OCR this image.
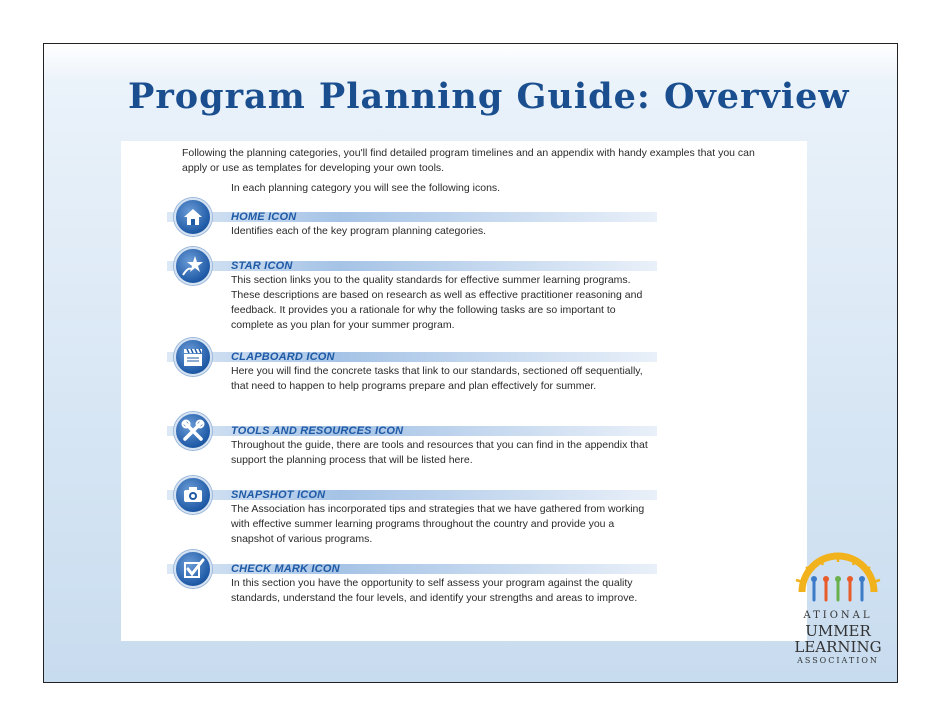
Program Planning Guide: Overview
Following the planning categories, you'll find detailed program timelines and an appendix with handy examples that you can apply or use as templates for developing your own tools.
In each planning category you will see the following icons.
HOME ICON
Identifies each of the key program planning categories.
STAR ICON
This section links you to the quality standards for effective summer learning programs. These descriptions are based on research as well as effective practitioner reasoning and feedback. It provides you a rationale for why the following tasks are so important to complete as you plan for your summer program.
CLAPBOARD ICON
Here you will find the concrete tasks that link to our standards, sectioned off sequentially, that need to happen to help programs prepare and plan effectively for summer.
TOOLS AND RESOURCES ICON
Throughout the guide, there are tools and resources that you can find in the appendix that support the planning process that will be listed here.
SNAPSHOT ICON
The Association has incorporated tips and strategies that we have gathered from working with effective summer learning programs throughout the country and provide you a snapshot of various programs.
CHECK MARK ICON
In this section you have the opportunity to self assess your program against the quality standards, understand the four levels, and identify your strengths and areas to improve.
ATIONAL
UMMER
LEARNING
ASSOCIATION
